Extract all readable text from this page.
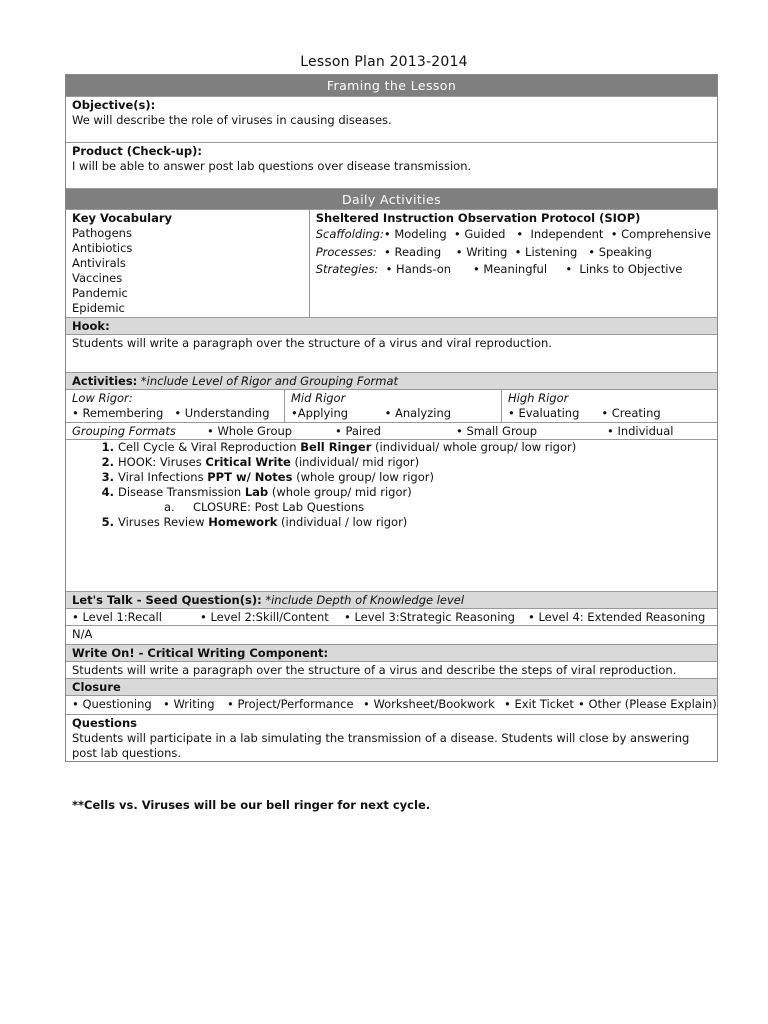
Lesson Plan 2013-2014
Framing the Lesson
Objective(s):
We will describe the role of viruses in causing diseases.
Product (Check-up):
I will be able to answer post lab questions over disease transmission.
Daily Activities
Key Vocabulary
Pathogens
Antibiotics
Antivirals
Vaccines
Pandemic
Epidemic
Sheltered Instruction Observation Protocol (SIOP)
Scaffolding: • Modeling  • Guided   •  Independent  • Comprehensive
Processes: • Reading    • Writing  • Listening   • Speaking
Strategies: • Hands-on      • Meaningful     •  Links to Objective
Hook:
Students will write a paragraph over the structure of a virus and viral reproduction.
Activities: *include Level of Rigor and Grouping Format
Low Rigor:
• Remembering   • Understanding
Mid Rigor
•Applying          • Analyzing
High Rigor
• Evaluating      • Creating
Grouping Formats	• Whole Group	• Paired	• Small Group	• Individual
1. Cell Cycle & Viral Reproduction Bell Ringer (individual/ whole group/ low rigor)
2. HOOK: Viruses Critical Write (individual/ mid rigor)
3. Viral Infections PPT w/ Notes (whole group/ low rigor)
4. Disease Transmission Lab (whole group/ mid rigor)
a.     CLOSURE: Post Lab Questions
5. Viruses Review Homework (individual / low rigor)
Let's Talk - Seed Question(s): *include Depth of Knowledge level
• Level 1:Recall	• Level 2:Skill/Content • Level 3:Strategic Reasoning • Level 4: Extended Reasoning
N/A
Write On! - Critical Writing Component:
Students will write a paragraph over the structure of a virus and describe the steps of viral reproduction.
Closure
• Questioning • Writing • Project/Performance • Worksheet/Bookwork • Exit Ticket • Other (Please Explain)
Questions
Students will participate in a lab simulating the transmission of a disease. Students will close by answering post lab questions.
**Cells vs. Viruses will be our bell ringer for next cycle.
